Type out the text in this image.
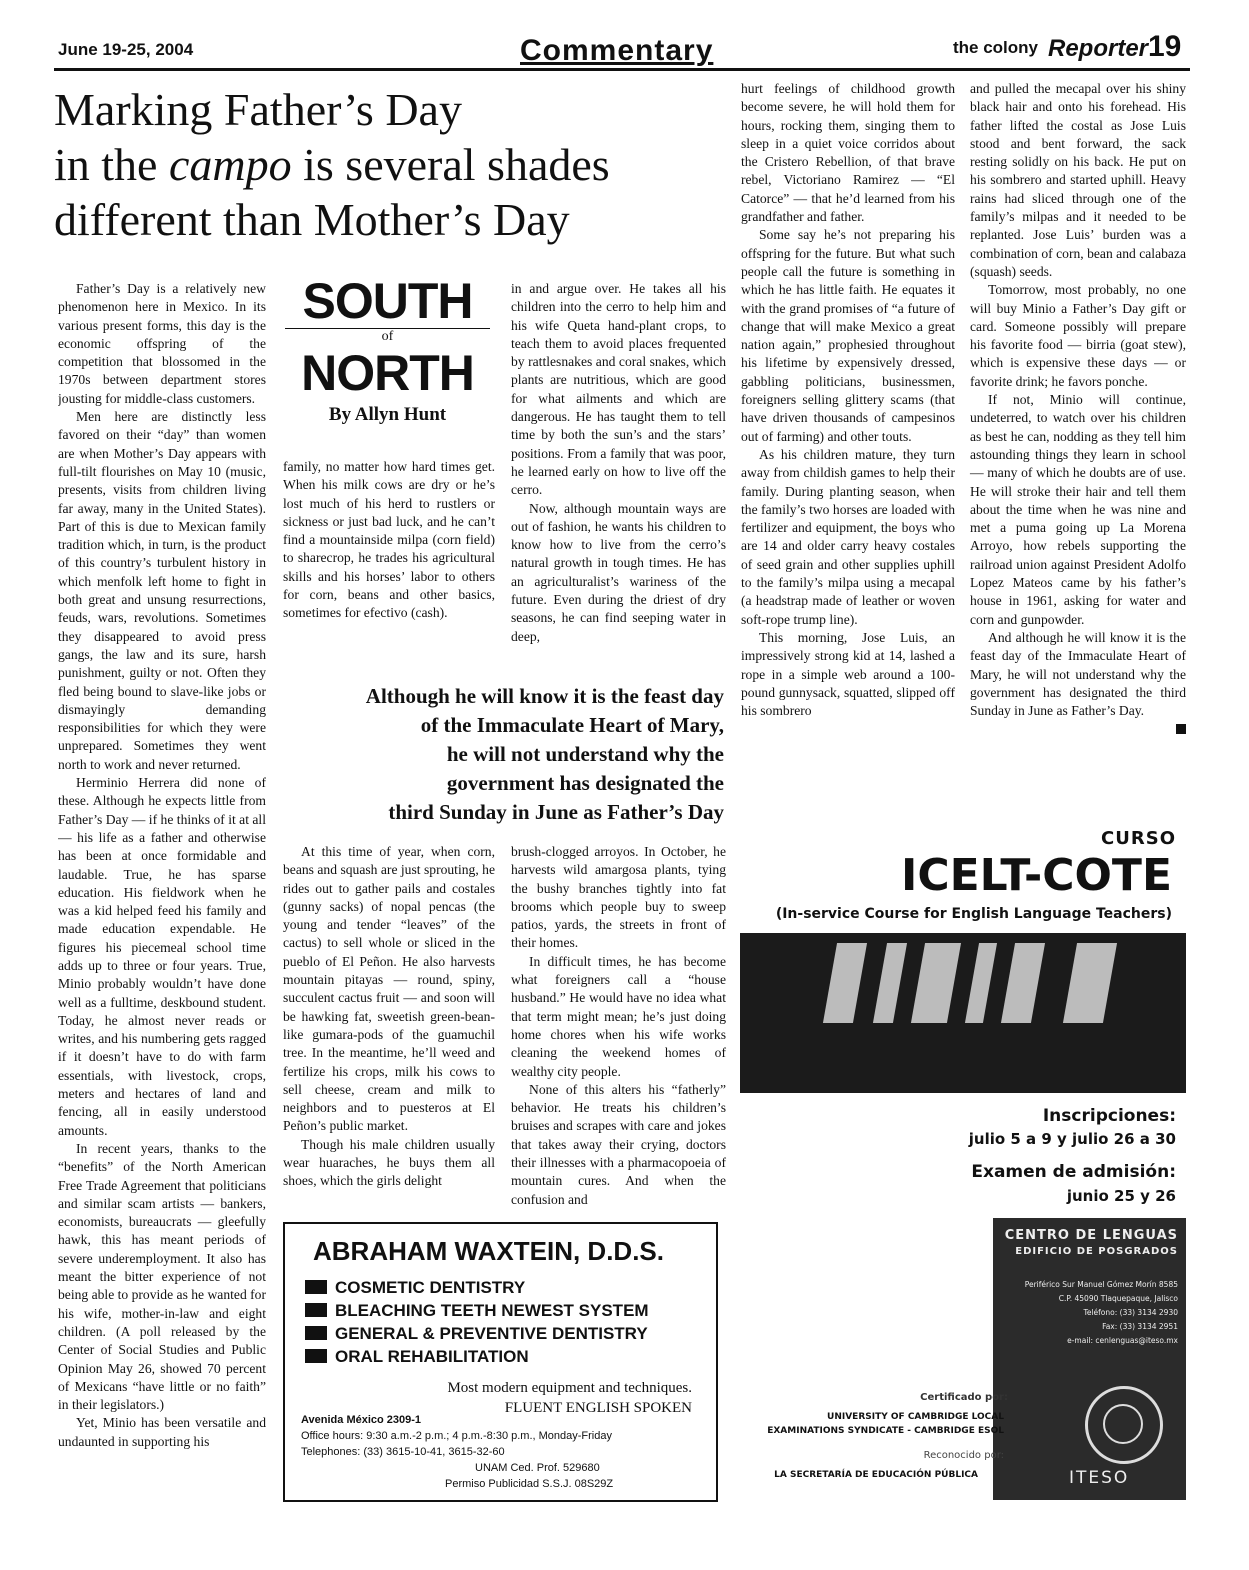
June 19-25, 2004	Commentary	the colony Reporter 19
Marking Father’s Day
in the campo is several shades
different than Mother’s Day
SOUTH
of
NORTH
By Allyn Hunt

Father’s Day is a relatively new phenomenon here in Mexico. In its various present forms, this day is the economic offspring of the competition that blossomed in the 1970s between department stores jousting for middle-class customers.

Men here are distinctly less favored on their “day” than women are when Mother’s Day appears with full-tilt flourishes on May 10 (music, presents, visits from children living far away, many in the United States). Part of this is due to Mexican family tradition which, in turn, is the product of this country’s turbulent history in which menfolk left home to fight in both great and unsung resurrections, feuds, wars, revolutions. Sometimes they disappeared to avoid press gangs, the law and its sure, harsh punishment, guilty or not. Often they fled being bound to slave-like jobs or dismayingly demanding responsibilities for which they were unprepared. Sometimes they went north to work and never returned.

Herminio Herrera did none of these. Although he expects little from Father’s Day — if he thinks of it at all — his life as a father and otherwise has been at once formidable and laudable. True, he has sparse education. His fieldwork when he was a kid helped feed his family and made education expendable. He figures his piecemeal school time adds up to three or four years. True, Minio probably wouldn’t have done well as a fulltime, deskbound student. Today, he almost never reads or writes, and his numbering gets ragged if it doesn’t have to do with farm essentials, with livestock, crops, meters and hectares of land and fencing, all in easily understood amounts.

In recent years, thanks to the “benefits” of the North American Free Trade Agreement that politicians and similar scam artists — bankers, economists, bureaucrats — gleefully hawk, this has meant periods of severe underemployment. It also has meant the bitter experience of not being able to provide as he wanted for his wife, mother-in-law and eight children. (A poll released by the Center of Social Studies and Public Opinion May 26, showed 70 percent of Mexicans “have little or no faith” in their legislators.)

Yet, Minio has been versatile and undaunted in supporting his

family, no matter how hard times get. When his milk cows are dry or he’s lost much of his herd to rustlers or sickness or just bad luck, and he can’t find a mountainside milpa (corn field) to sharecrop, he trades his agricultural skills and his horses’ labor to others for corn, beans and other basics, sometimes for efectivo (cash).

in and argue over. He takes all his children into the cerro to help him and his wife Queta hand-plant crops, to teach them to avoid places frequented by rattlesnakes and coral snakes, which plants are nutritious, which are good for what ailments and which are dangerous. He has taught them to tell time by both the sun’s and the stars’ positions. From a family that was poor, he learned early on how to live off the cerro.

Now, although mountain ways are out of fashion, he wants his children to know how to live from the cerro’s natural growth in tough times. He has an agriculturalist’s wariness of the future. Even during the driest of dry seasons, he can find seeping water in deep,

hurt feelings of childhood growth become severe, he will hold them for hours, rocking them, singing them to sleep in a quiet voice corridos about the Cristero Rebellion, of that brave rebel, Victoriano Ramirez — “El Catorce” — that he’d learned from his grandfather and father.

Some say he’s not preparing his offspring for the future. But what such people call the future is something in which he has little faith. He equates it with the grand promises of “a future of change that will make Mexico a great nation again,” prophesied throughout his lifetime by expensively dressed, gabbling politicians, businessmen, foreigners selling glittery scams (that have driven thousands of campesinos out of farming) and other touts.

As his children mature, they turn away from childish games to help their family. During planting season, when the family’s two horses are loaded with fertilizer and equipment, the boys who are 14 and older carry heavy costales of seed grain and other supplies uphill to the family’s milpa using a mecapal (a headstrap made of leather or woven soft-rope trump line).

This morning, Jose Luis, an impressively strong kid at 14, lashed a rope in a simple web around a 100-pound gunnysack, squatted, slipped off his sombrero

and pulled the mecapal over his shiny black hair and onto his forehead. His father lifted the costal as Jose Luis stood and bent forward, the sack resting solidly on his back. He put on his sombrero and started uphill. Heavy rains had sliced through one of the family’s milpas and it needed to be replanted. Jose Luis’ burden was a combination of corn, bean and calabaza (squash) seeds.

Tomorrow, most probably, no one will buy Minio a Father’s Day gift or card. Someone possibly will prepare his favorite food — birria (goat stew), which is expensive these days — or favorite drink; he favors ponche.

If not, Minio will continue, undeterred, to watch over his children as best he can, nodding as they tell him astounding things they learn in school — many of which he doubts are of use. He will stroke their hair and tell them about the time when he was nine and met a puma going up La Morena Arroyo, how rebels supporting the railroad union against President Adolfo Lopez Mateos came by his father’s house in 1961, asking for water and corn and gunpowder.

And although he will know it is the feast day of the Immaculate Heart of Mary, he will not understand why the government has designated the third Sunday in June as Father’s Day.

Although he will know it is the feast day
of the Immaculate Heart of Mary,
he will not understand why the
government has designated the
third Sunday in June as Father’s Day

At this time of year, when corn, beans and squash are just sprouting, he rides out to gather pails and costales (gunny sacks) of nopal pencas (the young and tender “leaves” of the cactus) to sell whole or sliced in the pueblo of El Peñon. He also harvests mountain pitayas — round, spiny, succulent cactus fruit — and soon will be hawking fat, sweetish green-bean-like gumara-pods of the guamuchil tree. In the meantime, he’ll weed and fertilize his crops, milk his cows to sell cheese, cream and milk to neighbors and to puesteros at El Peñon’s public market.

Though his male children usually wear huaraches, he buys them all shoes, which the girls delight

brush-clogged arroyos. In October, he harvests wild amargosa plants, tying the bushy branches tightly into fat brooms which people buy to sweep patios, yards, the streets in front of their homes.

In difficult times, he has become what foreigners call a “house husband.” He would have no idea what that term might mean; he’s just doing home chores when his wife works cleaning the weekend homes of wealthy city people.

None of this alters his “fatherly” behavior. He treats his children’s bruises and scrapes with care and jokes that takes away their crying, doctors their illnesses with a pharmacopoeia of mountain cures. And when the confusion and

ABRAHAM WAXTEIN, D.D.S.
COSMETIC DENTISTRY
BLEACHING TEETH NEWEST SYSTEM
GENERAL & PREVENTIVE DENTISTRY
ORAL REHABILITATION
Most modern equipment and techniques.
FLUENT ENGLISH SPOKEN
Avenida México 2309-1
Office hours: 9:30 a.m.-2 p.m.; 4 p.m.-8:30 p.m., Monday-Friday
Telephones: (33) 3615-10-41, 3615-32-60
UNAM Ced. Prof. 529680
Permiso Publicidad S.S.J. 08S29Z
CURSO
ICELT-COTE
(In-service Course for English Language Teachers)
Inscripciones:
julio 5 a 9 y julio 26 a 30
Examen de admisión:
junio 25 y 26
CENTRO DE LENGUAS
EDIFICIO DE POSGRADOS
Periférico Sur Manuel Gómez Morín 8585
C.P. 45090 Tlaquepaque, Jalisco
Teléfono: (33) 3134 2930
Fax: (33) 3134 2951
e-mail: cenlenguas@iteso.mx
ITESO
Certificado por:
UNIVERSITY OF CAMBRIDGE LOCAL
EXAMINATIONS SYNDICATE - CAMBRIDGE ESOL
Reconocido por:
LA SECRETARÍA DE EDUCACIÓN PÚBLICA
